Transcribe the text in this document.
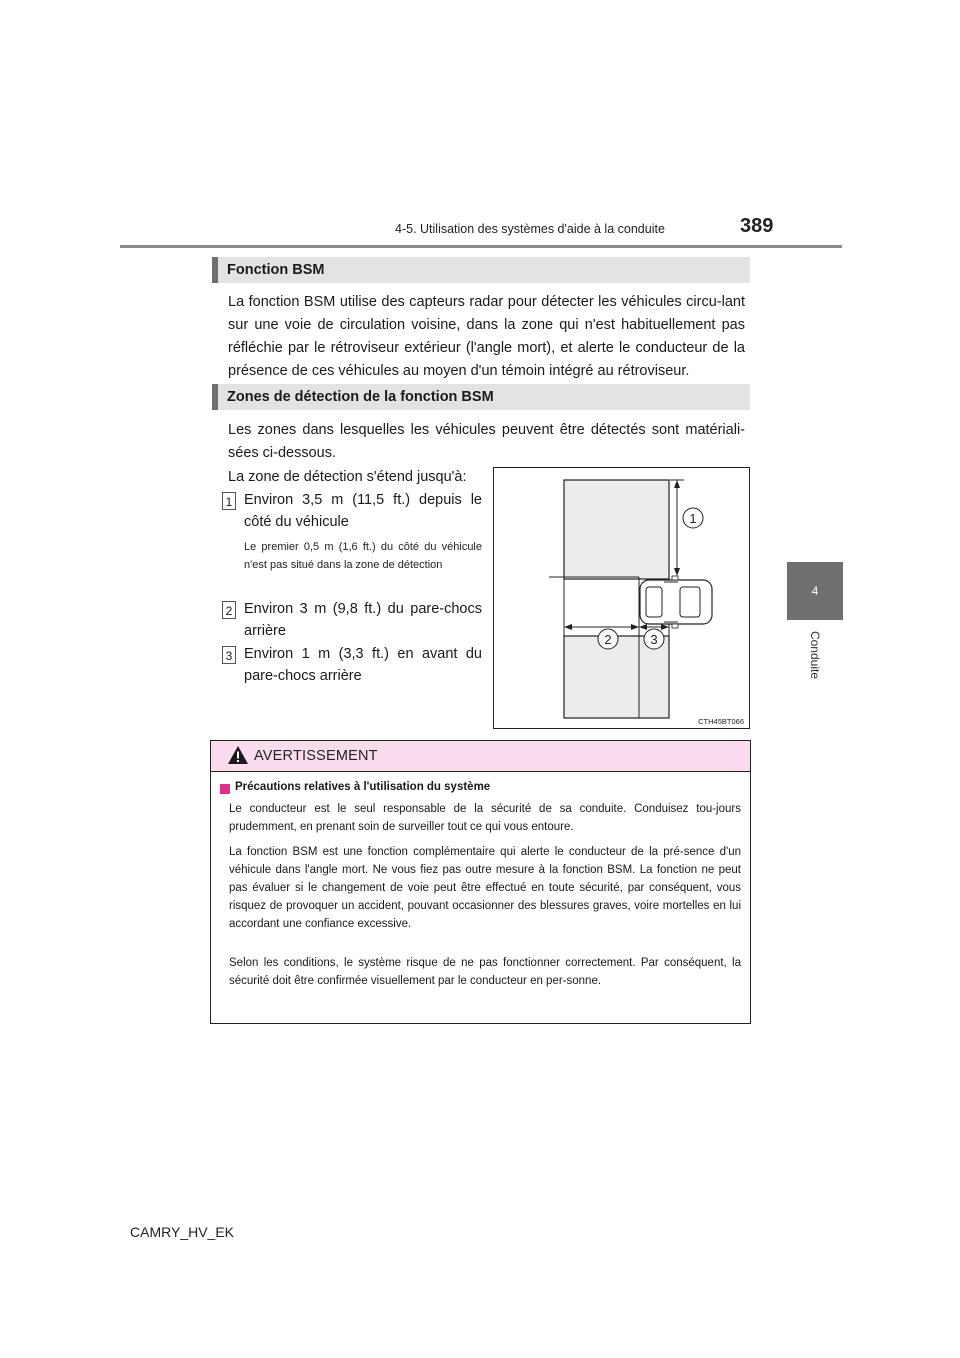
4-5. Utilisation des systèmes d'aide à la conduite	389
4
Conduite
Fonction BSM
La fonction BSM utilise des capteurs radar pour détecter les véhicules circu-lant sur une voie de circulation voisine, dans la zone qui n'est habituellement pas réfléchie par le rétroviseur extérieur (l'angle mort), et alerte le conducteur de la présence de ces véhicules au moyen d'un témoin intégré au rétroviseur.
Zones de détection de la fonction BSM
Les zones dans lesquelles les véhicules peuvent être détectés sont matériali-sées ci-dessous.
La zone de détection s'étend jusqu'à:
1 Environ 3,5 m (11,5 ft.) depuis le côté du véhicule
Le premier 0,5 m (1,6 ft.) du côté du véhicule n'est pas situé dans la zone de détection
2 Environ 3 m (9,8 ft.) du pare-chocs arrière
3 Environ 1 m (3,3 ft.) en avant du pare-chocs arrière
1
2	3
CTH45BT066
AVERTISSEMENT
Précautions relatives à l'utilisation du système
Le conducteur est le seul responsable de la sécurité de sa conduite. Conduisez tou-jours prudemment, en prenant soin de surveiller tout ce qui vous entoure.
La fonction BSM est une fonction complémentaire qui alerte le conducteur de la pré-sence d'un véhicule dans l'angle mort. Ne vous fiez pas outre mesure à la fonction BSM. La fonction ne peut pas évaluer si le changement de voie peut être effectué en toute sécurité, par conséquent, vous risquez de provoquer un accident, pouvant occasionner des blessures graves, voire mortelles en lui accordant une confiance excessive.
Selon les conditions, le système risque de ne pas fonctionner correctement. Par conséquent, la sécurité doit être confirmée visuellement par le conducteur en per-sonne.
CAMRY_HV_EK
